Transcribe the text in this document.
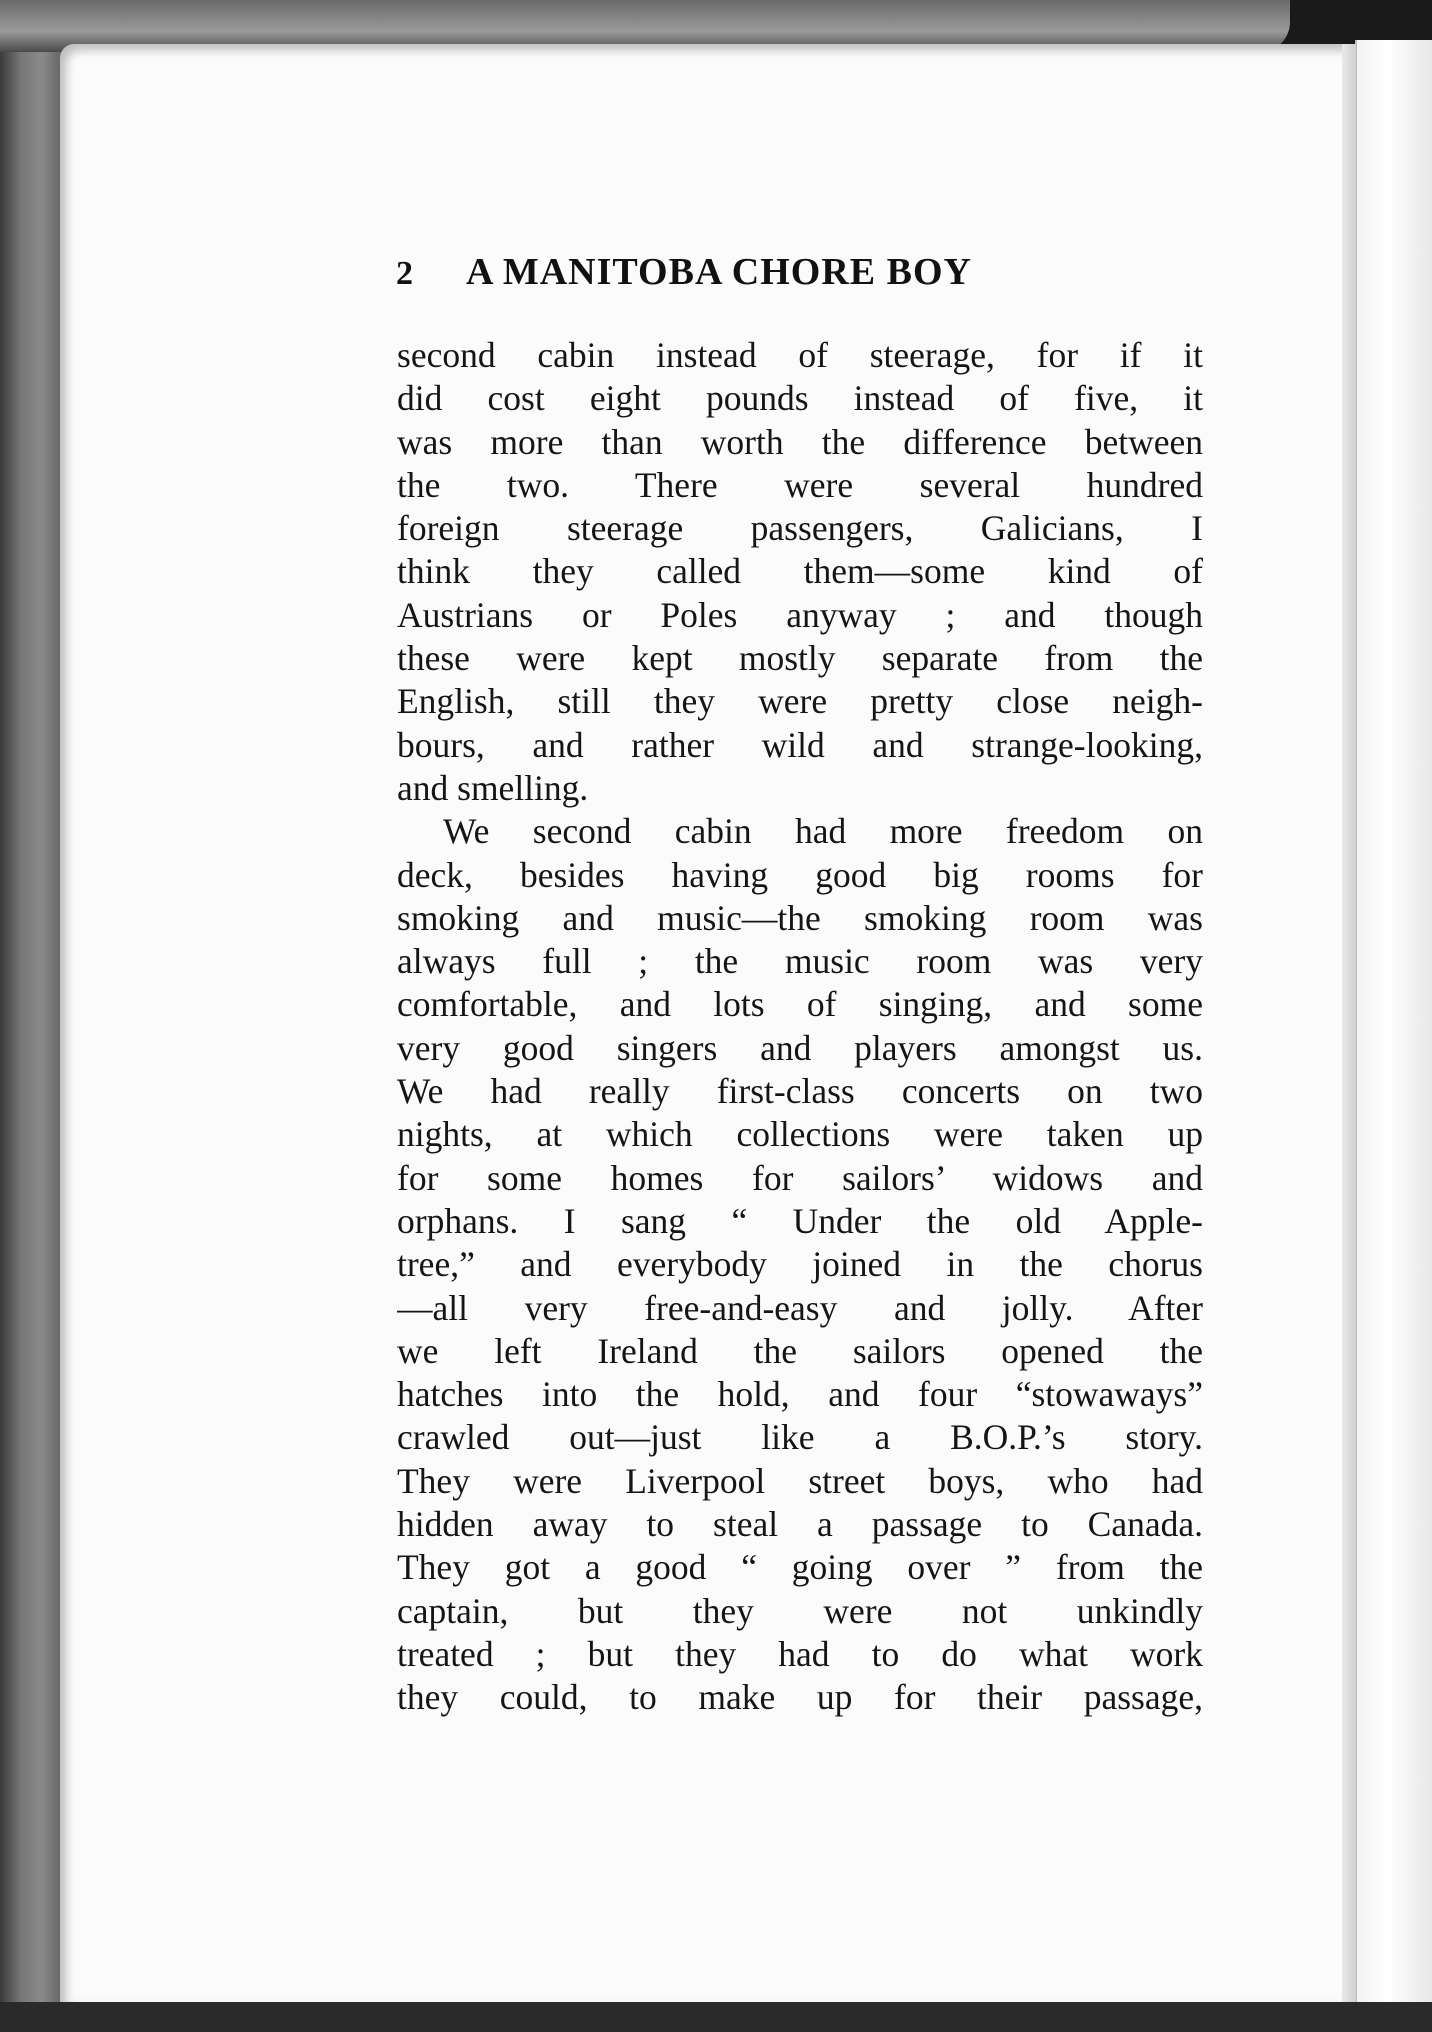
2 A MANITOBA CHORE BOY
second cabin instead of steerage, for if it
did cost eight pounds instead of five, it
was more than worth the difference between
the two. There were several hundred
foreign steerage passengers, Galicians, I
think they called them—some kind of
Austrians or Poles anyway ; and though
these were kept mostly separate from the
English, still they were pretty close neigh-
bours, and rather wild and strange-looking,
and smelling.
We second cabin had more freedom on
deck, besides having good big rooms for
smoking and music—the smoking room was
always full ; the music room was very
comfortable, and lots of singing, and some
very good singers and players amongst us.
We had really first-class concerts on two
nights, at which collections were taken up
for some homes for sailors’ widows and
orphans. I sang “ Under the old Apple-
tree,” and everybody joined in the chorus
—all very free-and-easy and jolly. After
we left Ireland the sailors opened the
hatches into the hold, and four “stowaways”
crawled out—just like a B.O.P.’s story.
They were Liverpool street boys, who had
hidden away to steal a passage to Canada.
They got a good “ going over ” from the
captain, but they were not unkindly
treated ; but they had to do what work
they could, to make up for their passage,
